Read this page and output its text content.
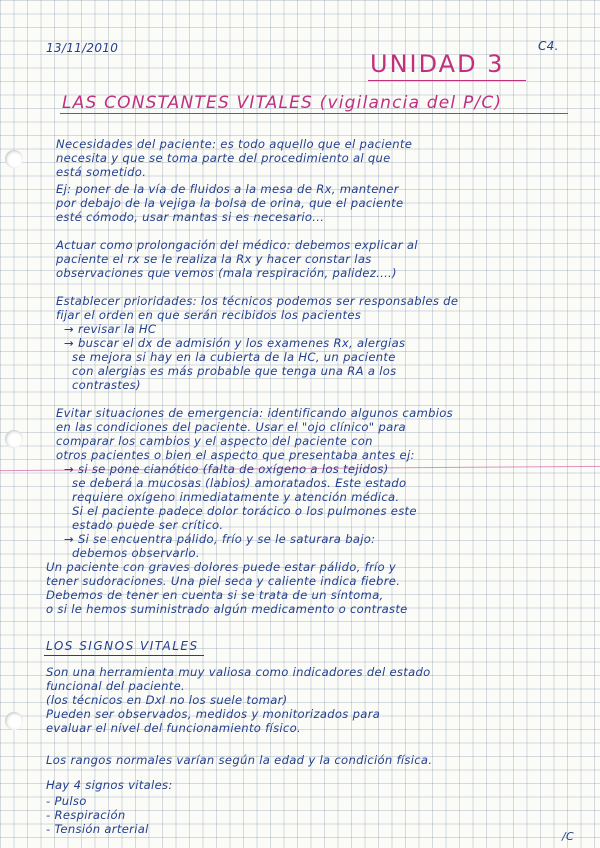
13/11/2010	C4.
UNIDAD 3
LAS CONSTANTES VITALES (vigilancia del P/C)
Necesidades del paciente: es todo aquello que el paciente
necesita y que se toma parte del procedimiento al que
está sometido.
Ej: poner de la vía de fluidos a la mesa de Rx, mantener
por debajo de la vejiga la bolsa de orina, que el paciente
esté cómodo, usar mantas si es necesario...
Actuar como prolongación del médico: debemos explicar al
paciente el rx se le realiza la Rx y hacer constar las
observaciones que vemos (mala respiración, palidez....)
Establecer prioridades: los técnicos podemos ser responsables de
fijar el orden en que serán recibidos los pacientes
→ revisar la HC
→ buscar el dx de admisión y los examenes Rx, alergias
se mejora si hay en la cubierta de la HC, un paciente
con alergias es más probable que tenga una RA a los
contrastes)
Evitar situaciones de emergencia: identificando algunos cambios
en las condiciones del paciente. Usar el "ojo clínico" para
comparar los cambios y el aspecto del paciente con
otros pacientes o bien el aspecto que presentaba antes ej:
→ si se pone cianótico (falta de oxígeno a los tejidos)
se deberá a mucosas (labios) amoratados. Este estado
requiere oxígeno inmediatamente y atención médica.
Si el paciente padece dolor torácico o los pulmones este
estado puede ser crítico.
→ Si se encuentra pálido, frío y se le saturara bajo:
debemos observarlo.
Un paciente con graves dolores puede estar pálido, frío y
tener sudoraciones. Una piel seca y caliente indica fiebre.
Debemos de tener en cuenta si se trata de un síntoma,
o si le hemos suministrado algún medicamento o contraste
LOS SIGNOS VITALES
Son una herramienta muy valiosa como indicadores del estado
funcional del paciente.
(los técnicos en DxI no los suele tomar)
Pueden ser observados, medidos y monitorizados para
evaluar el nivel del funcionamiento físico.
Los rangos normales varían según la edad y la condición física.
Hay 4 signos vitales:
- Pulso
- Respiración
- Tensión arterial
/C
